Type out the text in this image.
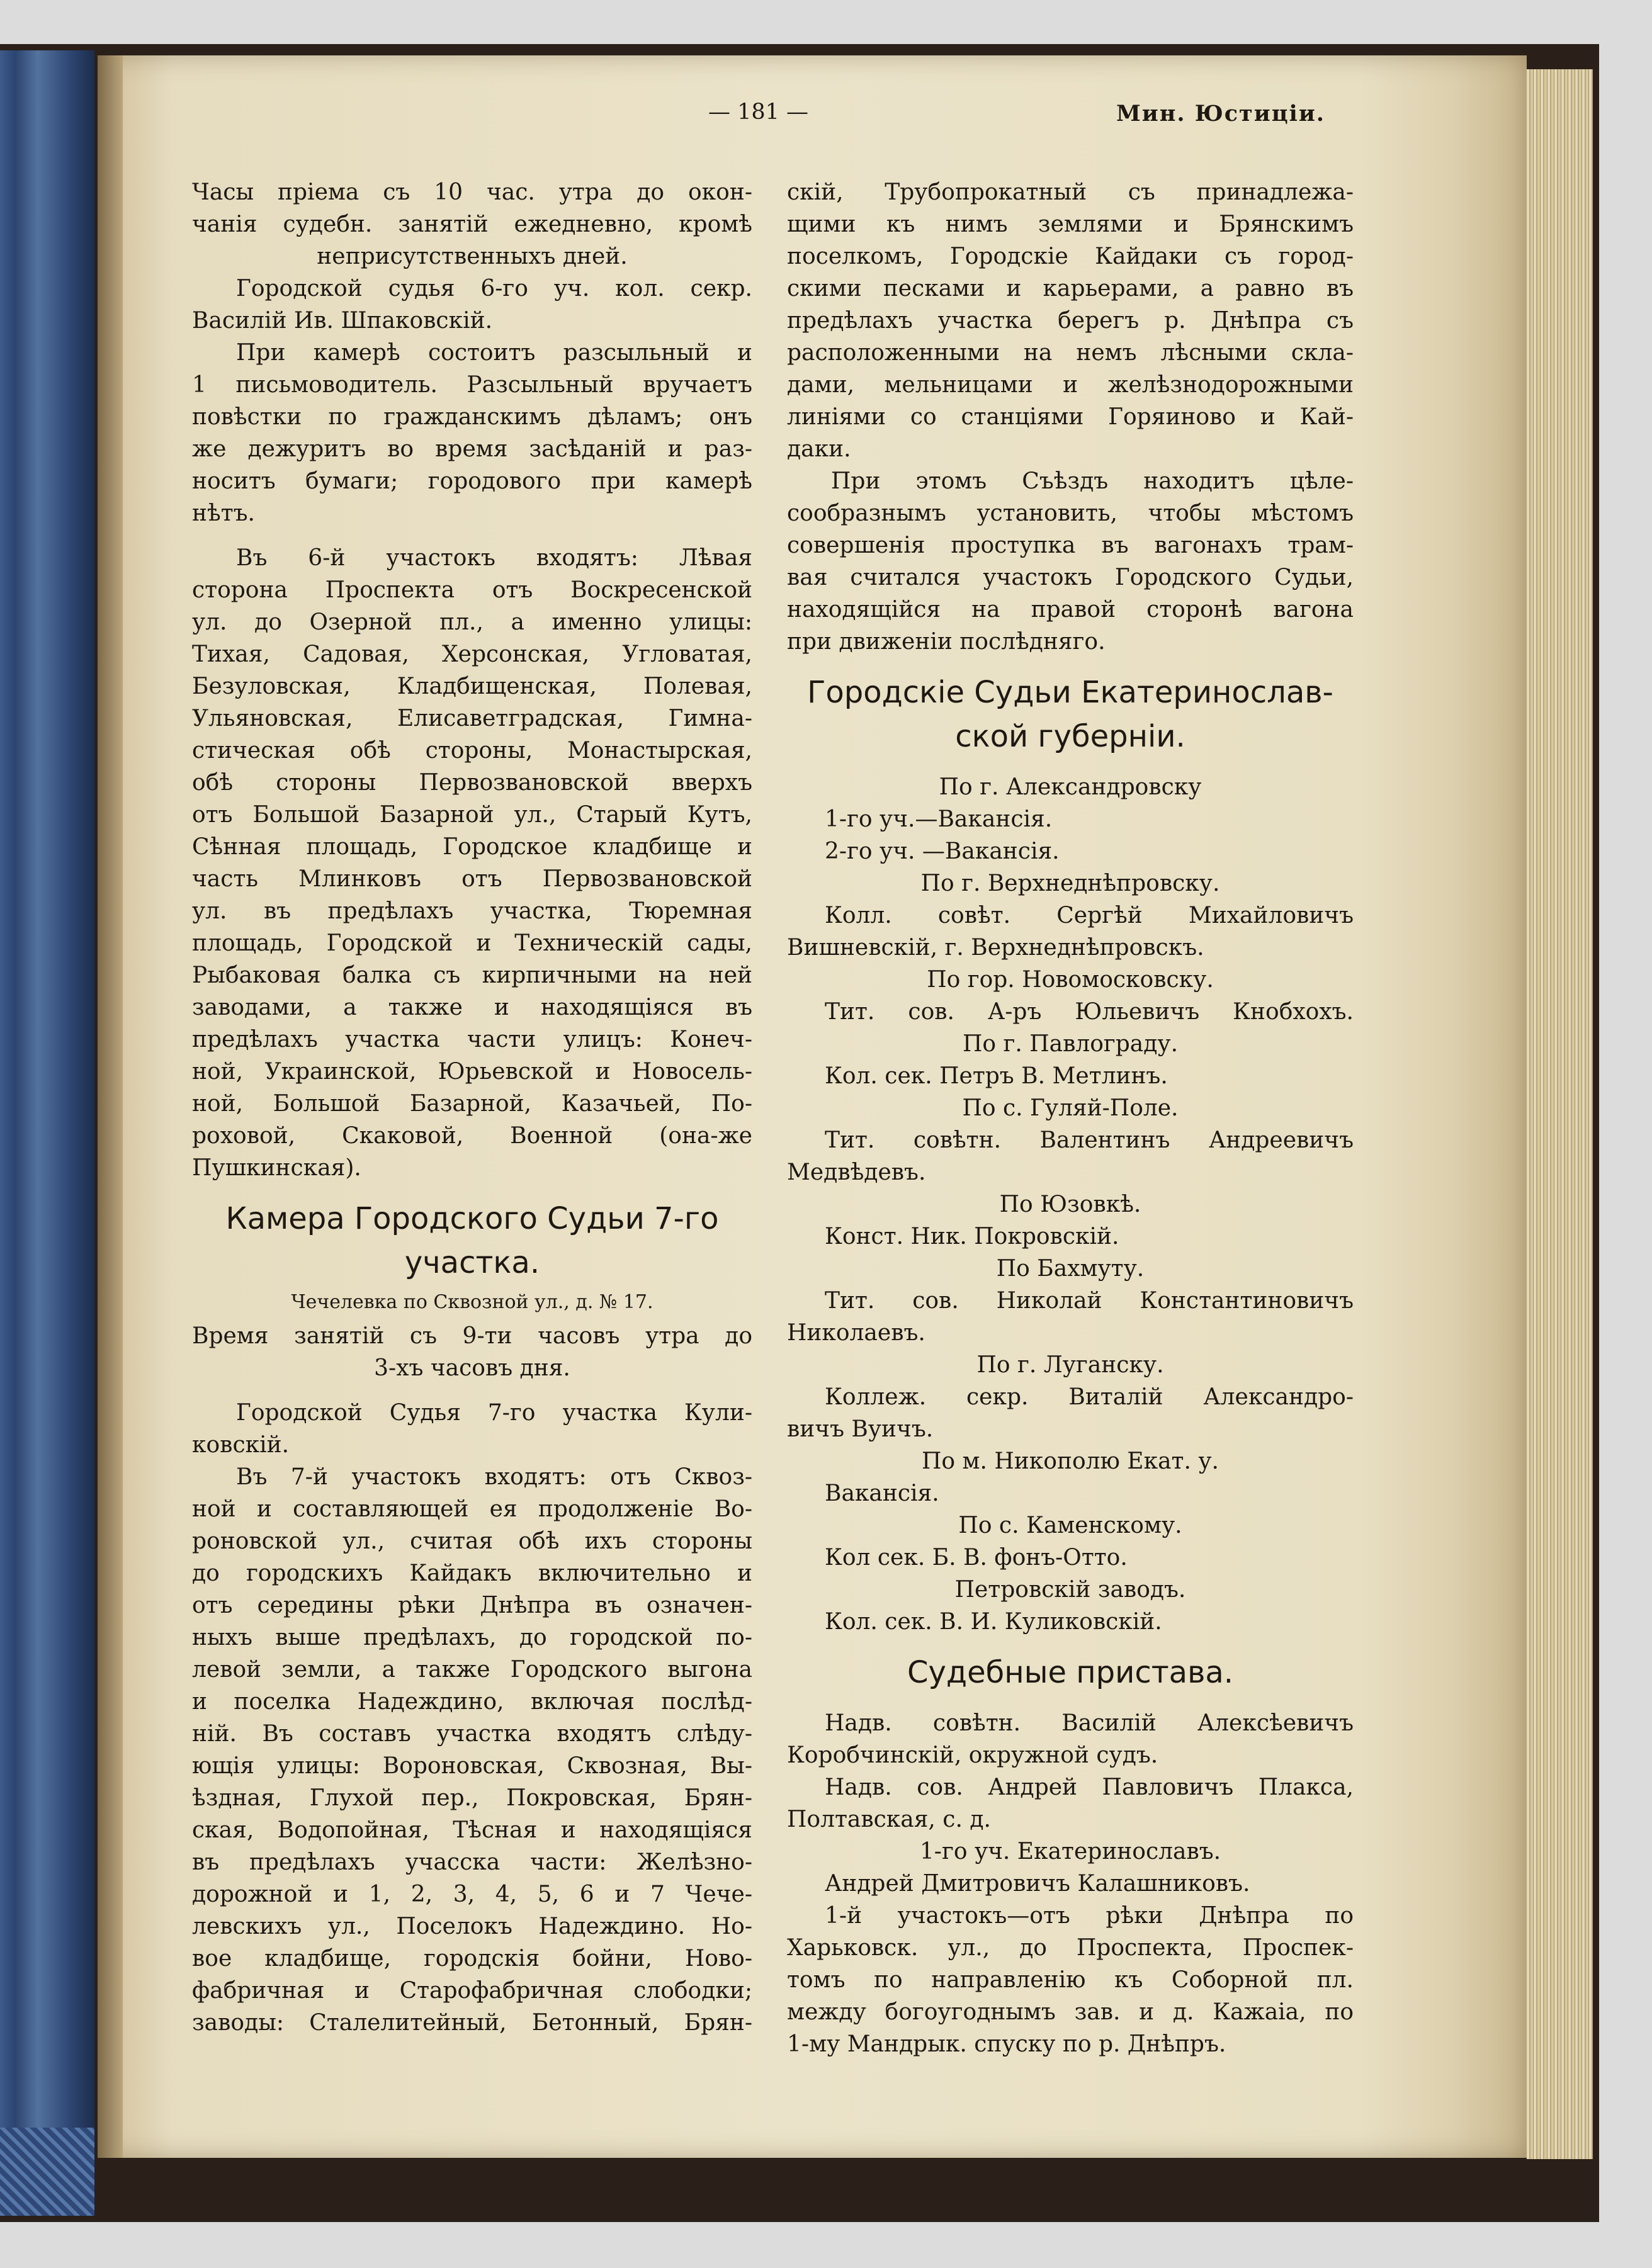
— 181 —	Мин. Юстиціи.
Часы пріема съ 10 час. утра до окон-
чанія судебн. занятій ежедневно, кромѣ
неприсутственныхъ дней.
Городской судья 6-го уч. кол. секр.
Василій Ив. Шпаковскій.
При камерѣ состоитъ разсыльный и
1 письмоводитель. Разсыльный вручаетъ
повѣстки по гражданскимъ дѣламъ; онъ
же дежуритъ во время засѣданій и раз-
носитъ бумаги; городового при камерѣ
нѣтъ.
Въ 6-й участокъ входятъ: Лѣвая
сторона Проспекта отъ Воскресенской
ул. до Озерной пл., а именно улицы:
Тихая, Садовая, Херсонская, Угловатая,
Безуловская, Кладбищенская, Полевая,
Ульяновская, Елисаветградская, Гимна-
стическая обѣ стороны, Монастырская,
обѣ стороны Первозвановской вверхъ
отъ Большой Базарной ул., Старый Кутъ,
Сѣнная площадь, Городское кладбище и
часть Млинковъ отъ Первозвановской
ул. въ предѣлахъ участка, Тюремная
площадь, Городской и Техническій сады,
Рыбаковая балка съ кирпичными на ней
заводами, а также и находящіяся въ
предѣлахъ участка части улицъ: Конеч-
ной, Украинской, Юрьевской и Новосель-
ной, Большой Базарной, Казачьей, По-
роховой, Скаковой, Военной (она-же
Пушкинская).
Камера Городского Судьи 7-го
участка.
Чечелевка по Сквозной ул., д. № 17.
Время занятій съ 9-ти часовъ утра до
3-хъ часовъ дня.
Городской Судья 7-го участка Кули-
ковскій.
Въ 7-й участокъ входятъ: отъ Сквоз-
ной и составляющей ея продолженіе Во-
роновской ул., считая обѣ ихъ стороны
до городскихъ Кайдакъ включительно и
отъ середины рѣки Днѣпра въ означен-
ныхъ выше предѣлахъ, до городской по-
левой земли, а также Городского выгона
и поселка Надеждино, включая послѣд-
ній. Въ составъ участка входятъ слѣду-
ющія улицы: Вороновская, Сквозная, Вы-
ѣздная, Глухой пер., Покровская, Брян-
ская, Водопойная, Тѣсная и находящіяся
въ предѣлахъ учасска части: Желѣзно-
дорожной и 1, 2, 3, 4, 5, 6 и 7 Чече-
левскихъ ул., Поселокъ Надеждино. Но-
вое кладбище, городскія бойни, Ново-
фабричная и Старофабричная слободки;
заводы: Сталелитейный, Бетонный, Брян-
скій, Трубопрокатный съ принадлежа-
щими къ нимъ землями и Брянскимъ
поселкомъ, Городскіе Кайдаки съ город-
скими песками и карьерами, а равно въ
предѣлахъ участка берегъ р. Днѣпра съ
расположенными на немъ лѣсными скла-
дами, мельницами и желѣзнодорожными
линіями со станціями Горяиново и Кай-
даки.
При этомъ Съѣздъ находитъ цѣле-
сообразнымъ установить, чтобы мѣстомъ
совершенія проступка въ вагонахъ трам-
вая считался участокъ Городского Судьи,
находящійся на правой сторонѣ вагона
при движеніи послѣдняго.
Городскіе Судьи Екатеринослав-
ской губерніи.
По г. Александровску
1-го уч.—Вакансія.
2-го уч. —Вакансія.
По г. Верхнеднѣпровску.
Колл. совѣт. Сергѣй Михайловичъ
Вишневскій, г. Верхнеднѣпровскъ.
По гор. Новомосковску.
Тит. сов. А-ръ Юльевичъ Кнобхохъ.
По г. Павлограду.
Кол. сек. Петръ В. Метлинъ.
По с. Гуляй-Поле.
Тит. совѣтн. Валентинъ Андреевичъ
Медвѣдевъ.
По Юзовкѣ.
Конст. Ник. Покровскій.
По Бахмуту.
Тит. сов. Николай Константиновичъ
Николаевъ.
По г. Луганску.
Коллеж. секр. Виталій Александро-
вичъ Вуичъ.
По м. Никополю Екат. у.
Вакансія.
По с. Каменскому.
Кол сек. Б. В. фонъ-Отто.
Петровскій заводъ.
Кол. сек. В. И. Куликовскій.
Судебные пристава.
Надв. совѣтн. Василій Алексѣевичъ
Коробчинскій, окружной судъ.
Надв. сов. Андрей Павловичъ Плакса,
Полтавская, с. д.
1-го уч. Екатеринославъ.
Андрей Дмитровичъ Калашниковъ.
1-й участокъ—отъ рѣки Днѣпра по
Харьковск. ул., до Проспекта, Проспек-
томъ по направленію къ Соборной пл.
между богоугоднымъ зав. и д. Кажаіа, по
1-му Мандрык. спуску по р. Днѣпръ.
